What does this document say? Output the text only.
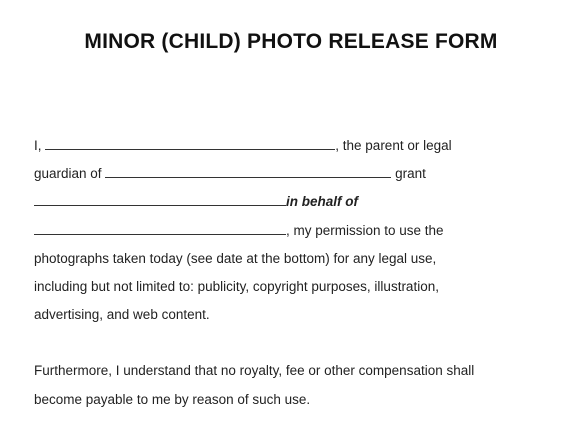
MINOR (CHILD) PHOTO RELEASE FORM
I,	, the parent or legal
guardian of	grant
in behalf of
, my permission to use the
photographs taken today (see date at the bottom) for any legal use,
including but not limited to: publicity, copyright purposes, illustration,
advertising, and web content.
Furthermore, I understand that no royalty, fee or other compensation shall
become payable to me by reason of such use.
